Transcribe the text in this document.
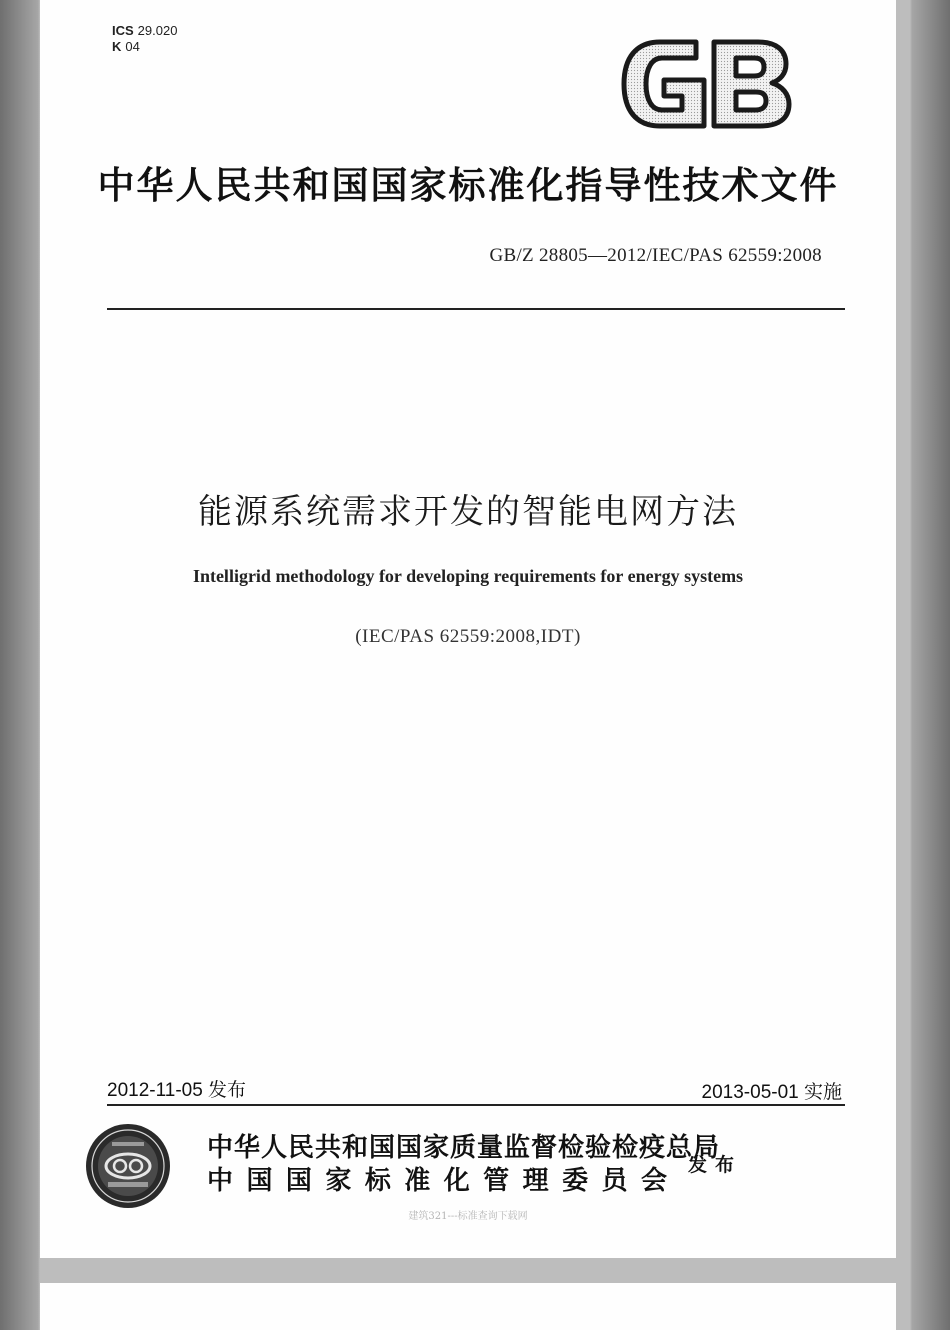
ICS 29.020
K 04
中华人民共和国国家标准化指导性技术文件
GB/Z 28805—2012/IEC/PAS 62559:2008
能源系统需求开发的智能电网方法
Intelligrid methodology for developing requirements for energy systems
(IEC/PAS 62559:2008,IDT)
2012-11-05 发布	2013-05-01 实施
中华人民共和国国家质量监督检验检疫总局
中 国 国 家 标 准 化 管 理 委 员 会
发布
建筑321---标准查询下载网
